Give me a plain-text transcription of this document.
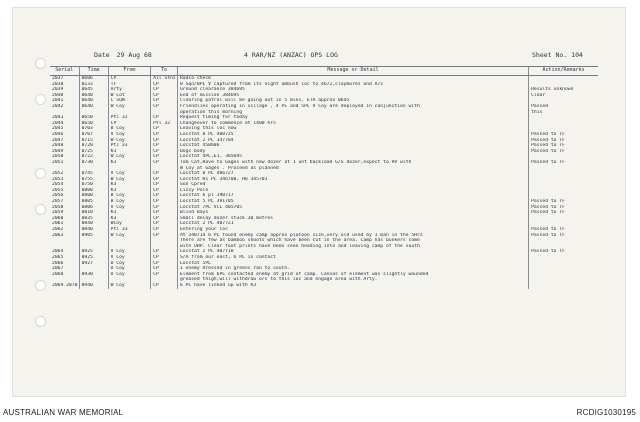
Date 29 Aug 68	4 RAR/NZ (ANZAC) OPS LOG	Sheet No. 104
Serial	Time	From	To	Message or Detail	Action/Remarks
2037	0606	CP	All Stns	Radio check	
2038	0133	TF	CP	0 Sqn/BPL V captured from its night ambush loc to 4672,claymores and A/s	
2039	0645	Arty	CP	Ground clearance 384695	Results unknown
2040	0640	W Cot	CP	End of mission 384695	Clear
2041	0640	C SQN	CP	Clearing patrol will be going out in 5 mins, ETA approx 0645	
2042	0640	W Coy	CP	Friendlies operating in village , 4 PL and 5PL V Coy are deployed in conjunction with	Passed
				operation this morning	this
2043	0650	Ptl 32	CP	Request timing for today	
2044	0650	CP	Ptl 32	Changeover to commence at 1400 hrs	
2045	0703	B Coy	CP	Leaving this loc now	
2046	0707	V Coy	CP	Locstat 8 PL 400725	Passed to TF
2047	0715	W Coy	CP	Locstat 2 PL 347704	Passed to TF
2048	0720	Ptl 33	CP	Locstat 458606	Passed to TF
2049	0725	K3	CP	Dogs body	Passed to TF
2050	0722	W Coy	CP	Locstat 4PL,E1, 385695	
2051	0730	K3	CP	Tom Cat,Have to Gages with new dozer at 1 unt backload G/S dozer,expect to RV with	Passed to TF
				W Coy at Gages . Proceed as planned	
2052	0745	V Coy	CP	Locstat 8 PL 406727	
2053	0755	W Coy	CP	Locstat H1 PL 346700, HQ 345701	
2054	0750	K3	CP	Sun Cpred	
2055	0800	K3	CP	Lizzy Pole	
2056	0800	B Coy	CP	Locstat 6 pl 390717	
2057	0805	B Coy	CP	Locstat 5 PL 391705	Passed to TF
2058	0806	V Coy	CP	Locstat 7PL VCL 405705	Passed to TF
2059	0810	K3	CP	Blind Bays	Passed to TF
2060	0835	K3	CP	Small delay dozer stuck 30 metres	
2061	0840	WCoy	CP	Locstat 2 PL 407721	
2062	0840	Ptl 33	CP	Entering your loc	Passed to TF
2063	0905	W Coy	CP	At 340714 6 PL found enemy camp approx platoon size,very old used by 1 man in the 5Hrs	Passed to TF
				There are few as bamboo shoots which have been cut in the area. Camp has bunkers come	
				with OHP. Clear foot prints have been seen heading into and leaving camp of the south	
2064	0925	V Coy	CP	Locstat 2 PL 407718	Passed to TF
2065	0925	V Coy	CP	S/A from our east, 6 PL in contact	
2066	0927	D Coy	CP	Locstat 5PL	
2067		D Coy	CP	1 enemy dressed in greens ran to south.	
2068	0930	D Coy	CP	Element from 6PL contacted enemy at grid of camp. Canvas of element was slightly wounded	
				greased thigh,will withdraw o/s to this loc and engage area with Arty.	
2069 2070	0940	W Coy	CP	6 PL have linked up with K3	
AUSTRALIAN WAR MEMORIAL	RCDIG1030195
